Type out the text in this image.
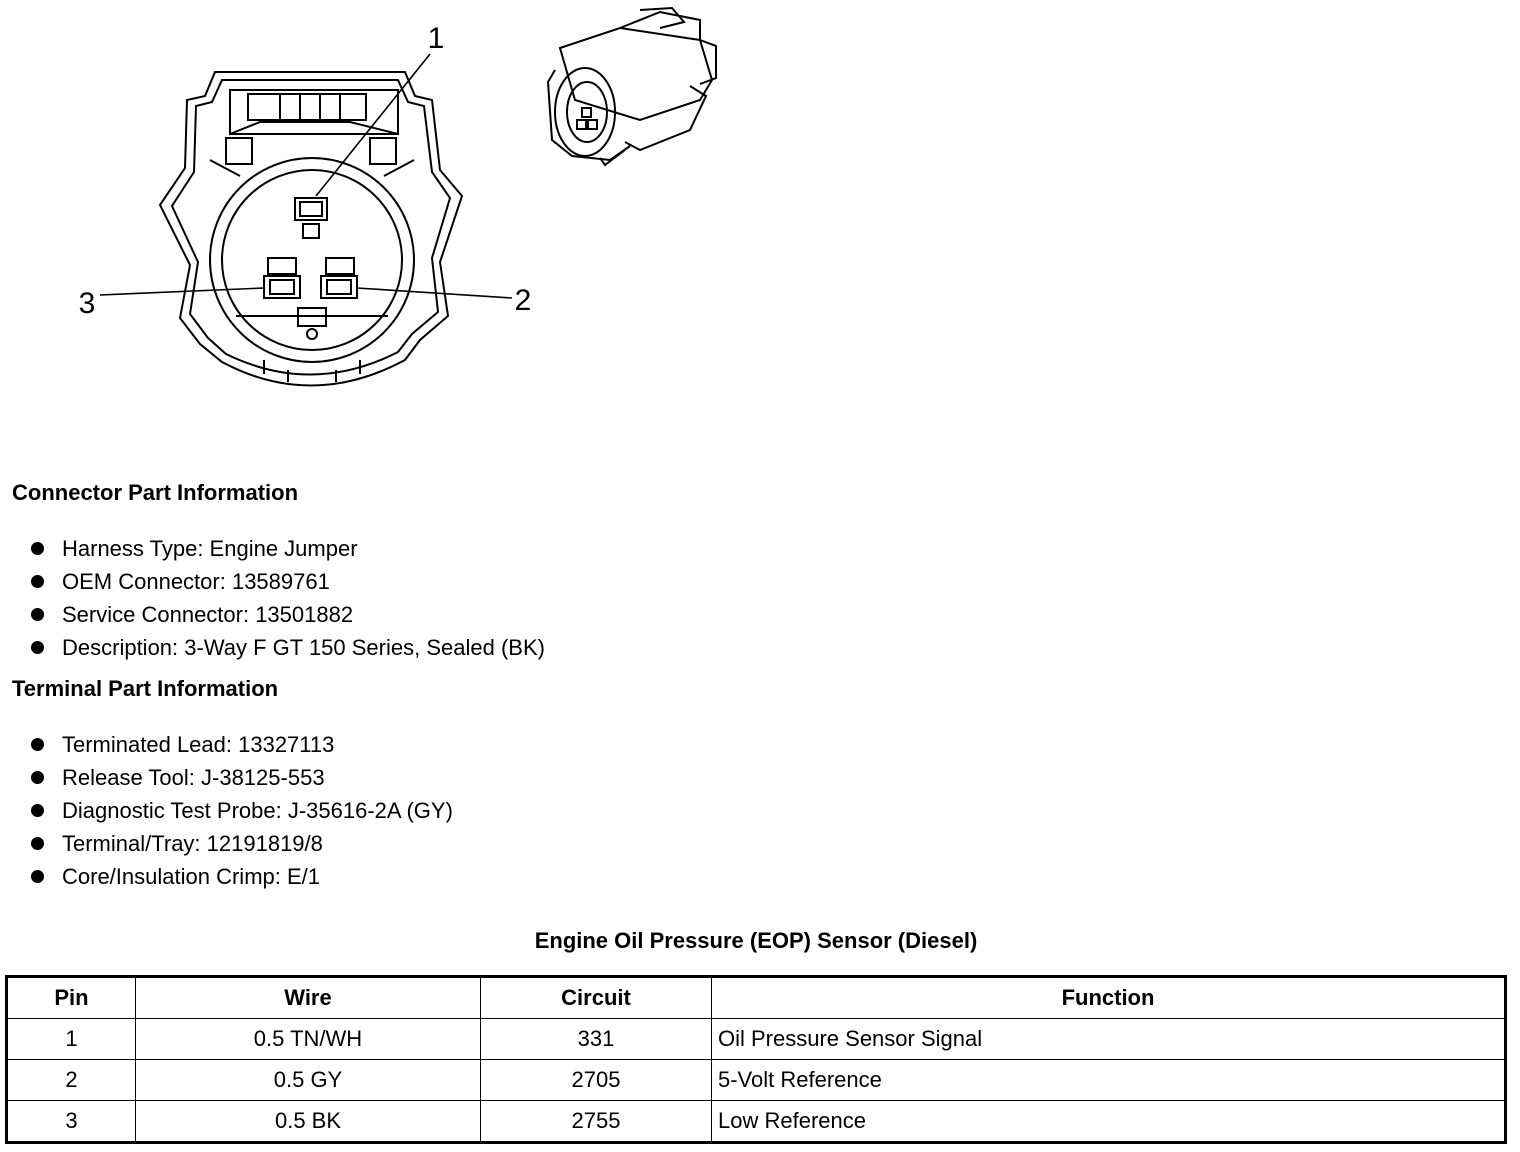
1
2
3
Connector Part Information
Harness Type: Engine Jumper
OEM Connector: 13589761
Service Connector: 13501882
Description: 3-Way F GT 150 Series, Sealed (BK)
Terminal Part Information
Terminated Lead: 13327113
Release Tool: J-38125-553
Diagnostic Test Probe: J-35616-2A (GY)
Terminal/Tray: 12191819/8
Core/Insulation Crimp: E/1
Engine Oil Pressure (EOP) Sensor (Diesel)
Pin	Wire	Circuit	Function
1	0.5 TN/WH	331	Oil Pressure Sensor Signal
2	0.5 GY	2705	5-Volt Reference
3	0.5 BK	2755	Low Reference
